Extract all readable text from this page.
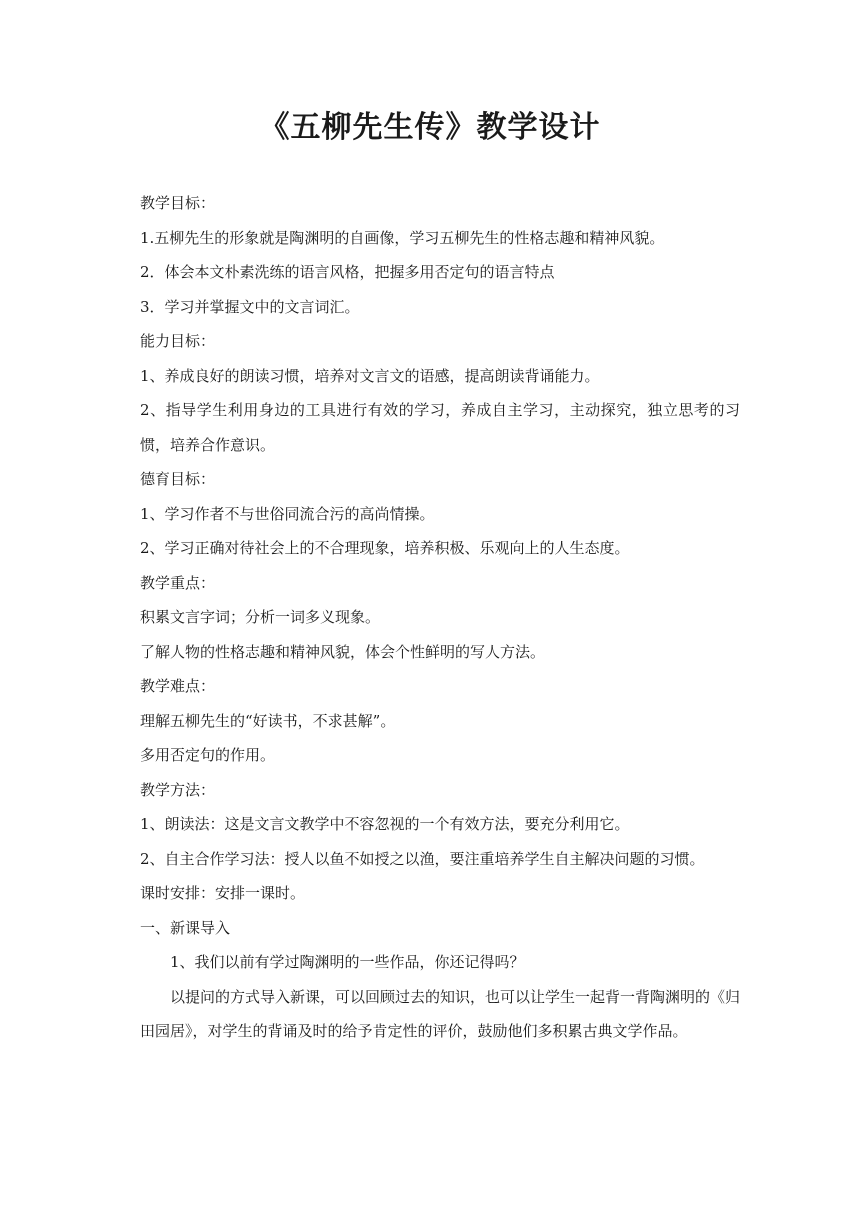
《五柳先生传》教学设计
教学目标：
1.五柳先生的形象就是陶渊明的自画像，学习五柳先生的性格志趣和精神风貌。
2．体会本文朴素洗练的语言风格，把握多用否定句的语言特点
3．学习并掌握文中的文言词汇。
能力目标：
1、养成良好的朗读习惯，培养对文言文的语感，提高朗读背诵能力。
2、指导学生利用身边的工具进行有效的学习，养成自主学习，主动探究，独立思考的习惯，培养合作意识。
德育目标：
1、学习作者不与世俗同流合污的高尚情操。
2、学习正确对待社会上的不合理现象，培养积极、乐观向上的人生态度。
教学重点：
积累文言字词；分析一词多义现象。
了解人物的性格志趣和精神风貌，体会个性鲜明的写人方法。
教学难点：
理解五柳先生的“好读书，不求甚解”。
多用否定句的作用。
教学方法：
1、朗读法：这是文言文教学中不容忽视的一个有效方法，要充分利用它。
2、自主合作学习法：授人以鱼不如授之以渔，要注重培养学生自主解决问题的习惯。
课时安排：安排一课时。
一、新课导入
1、我们以前有学过陶渊明的一些作品，你还记得吗？
以提问的方式导入新课，可以回顾过去的知识，也可以让学生一起背一背陶渊明的《归田园居》，对学生的背诵及时的给予肯定性的评价，鼓励他们多积累古典文学作品。
